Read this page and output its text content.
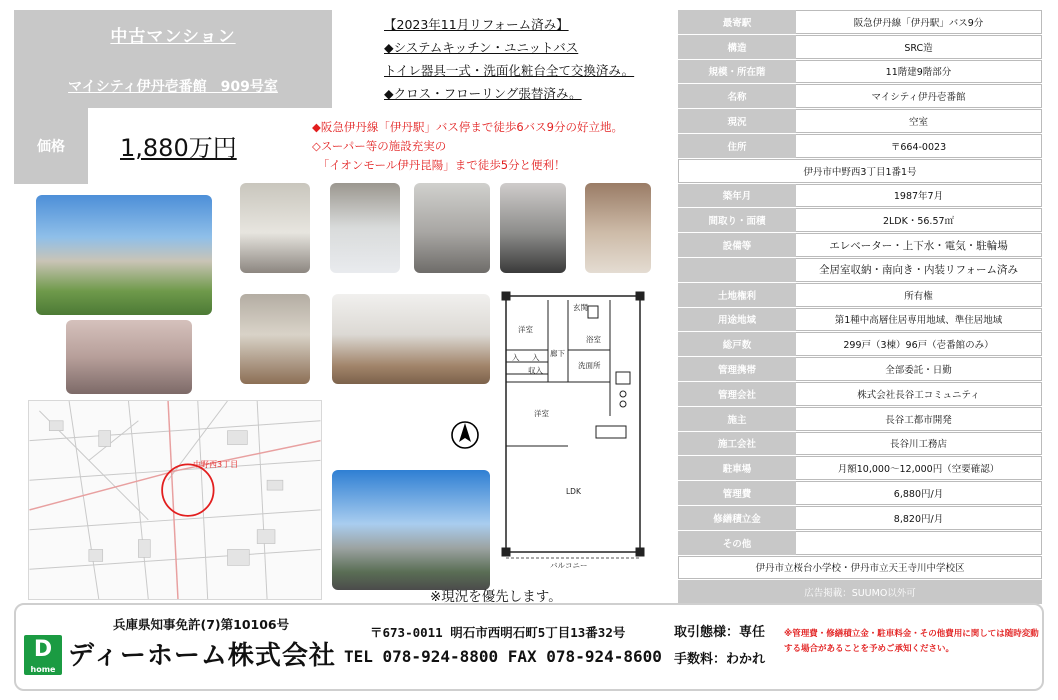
中古マンション
マイシティ伊丹壱番館　909号室
価格	1,880万円
【2023年11月リフォーム済み】
◆システムキッチン・ユニットバス
トイレ器具一式・洗面化粧台全て交換済み。
◆クロス・フローリング張替済み。
◆阪急伊丹線「伊丹駅」バス停まで徒歩6バス9分の好立地。
◇スーパー等の施設充実の
　「イオンモール伊丹昆陽」まで徒歩5分と便利！
中野西3丁目
玄関
洋室
入 入
収入
廊下
浴室
洗面所
洋室
LDK
バルコニー
※現況を優先します。
最寄駅	阪急伊丹線「伊丹駅」バス9分
構造	SRC造
規模・所在階	11階建9階部分
名称	マイシティ伊丹壱番館
現況	空室
住所	〒664-0023
伊丹市中野西3丁目1番1号
築年月	1987年7月
間取り・面積	2LDK・56.57㎡
設備等	エレベーター・上下水・電気・駐輪場
全居室収納・南向き・内装リフォーム済み
土地権利	所有権
用途地域	第1種中高層住居専用地域、準住居地域
総戸数	299戸（3棟）96戸（壱番館のみ）
管理携帯	全部委託・日勤
管理会社	株式会社長谷工コミュニティ
施主	長谷工都市開発
施工会社	長谷川工務店
駐車場	月額10,000～12,000円（空要確認）
管理費	6,880円/月
修繕積立金	8,820円/月
その他
伊丹市立桜台小学校・伊丹市立天王寺川中学校区
広告掲載：SUUMO以外可
兵庫県知事免許(7)第10106号
D
home ディーホーム株式会社
〒673-0011 明石市西明石町5丁目13番32号
TEL 078-924-8800 FAX 078-924-8600
取引態様：専任
手数料：わかれ
※管理費・修繕積立金・駐車料金・その他費用に関しては随時変動する場合があることを予めご承知ください。
